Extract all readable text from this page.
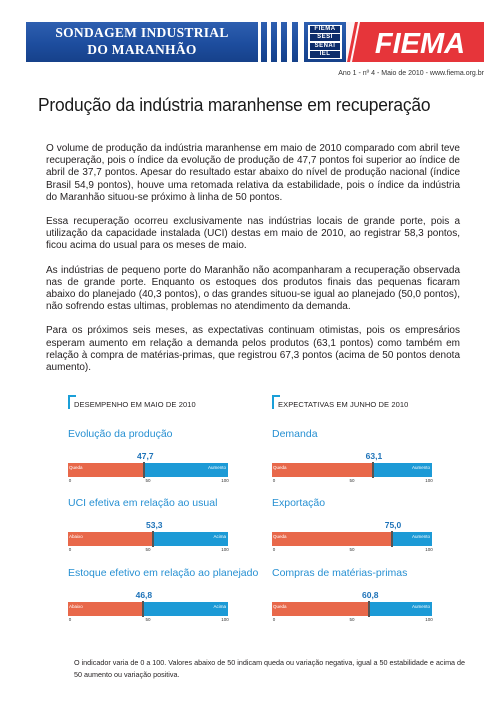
SONDAGEM INDUSTRIAL
DO MARANHÃO
FIEMA
SESI
SENAI
IEL	FIEMA
Ano 1 - nº 4 - Maio de 2010 - www.fiema.org.br
Produção da indústria maranhense em recuperação

O volume de produção da indústria maranhense em maio de 2010 comparado com abril teve recuperação, pois o índice da evolução de produção de 47,7 pontos foi superior ao índice de abril de 37,7 pontos. Apesar do resultado estar abaixo do nível de produção nacional (índice Brasil 54,9 pontos), houve uma retomada relativa da estabilidade, pois o índice da indústria do Maranhão situou-se próximo à linha de 50 pontos.

Essa recuperação ocorreu exclusivamente nas indústrias locais de grande porte, pois a utilização da capacidade instalada (UCI) destas em maio de 2010, ao registrar 58,3 pontos, ficou acima do usual para os meses de maio.

As indústrias de pequeno porte do Maranhão não acompanharam a recuperação observada nas de grande porte. Enquanto os estoques dos produtos finais das pequenas ficaram abaixo do planejado (40,3 pontos), o das grandes situou-se igual ao planejado (50,0 pontos), não sofrendo estas ultimas, problemas no atendimento da demanda.

Para os próximos seis meses, as expectativas continuam otimistas, pois os empresários esperam aumento em relação a demanda pelos produtos (63,1 pontos) como também em relação à compra de matérias-primas, que registrou 67,3 pontos (acima de 50 pontos denota aumento).

DESEMPENHO EM MAIO DE 2010
Evolução da produção
47,7
Queda	Aumento
0	50	100
UCI efetiva em relação ao usual
53,3
Abaixo	Acima
0	50	100
Estoque efetivo em relação ao planejado
46,8
Abaixo	Acima
0	50	100
EXPECTATIVAS EM JUNHO DE 2010
Demanda
63,1
Queda	Aumento
0	50	100
Exportação
75,0
Queda	Aumento
0	50	100
Compras de matérias-primas
60,8
Queda	Aumento
0	50	100
O indicador varia de 0 a 100. Valores abaixo de 50 indicam queda ou variação negativa, igual a 50 estabilidade e acima de 50 aumento ou variação positiva.
